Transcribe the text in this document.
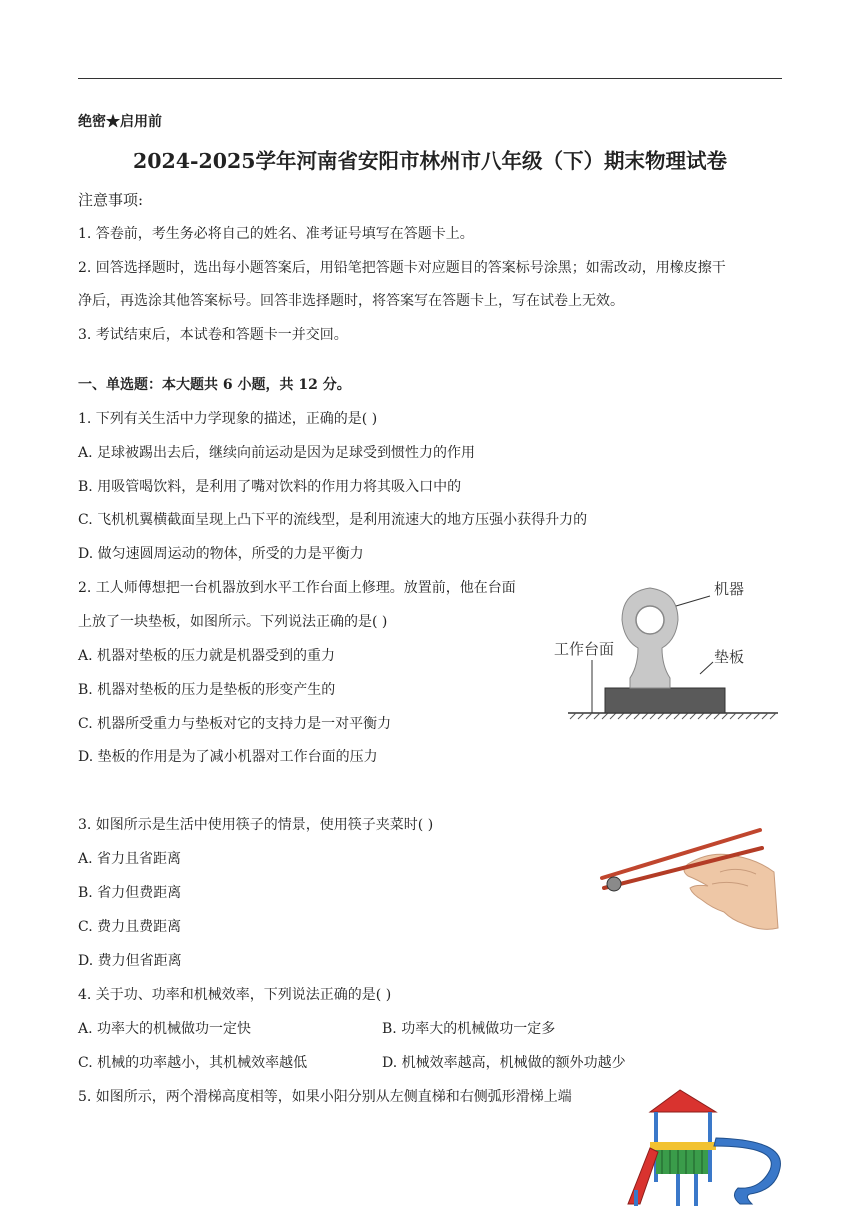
绝密★启用前
2024-2025学年河南省安阳市林州市八年级（下）期末物理试卷
注意事项:
1. 答卷前，考生务必将自己的姓名、准考证号填写在答题卡上。
2. 回答选择题时，选出每小题答案后，用铅笔把答题卡对应题目的答案标号涂黑；如需改动，用橡皮擦干
净后，再选涂其他答案标号。回答非选择题时，将答案写在答题卡上，写在试卷上无效。
3. 考试结束后，本试卷和答题卡一并交回。
一、单选题：本大题共 6 小题，共 12 分。
1. 下列有关生活中力学现象的描述，正确的是( )
A. 足球被踢出去后，继续向前运动是因为足球受到惯性力的作用
B. 用吸管喝饮料，是利用了嘴对饮料的作用力将其吸入口中的
C. 飞机机翼横截面呈现上凸下平的流线型，是利用流速大的地方压强小获得升力的
D. 做匀速圆周运动的物体，所受的力是平衡力
2. 工人师傅想把一台机器放到水平工作台面上修理。放置前，他在台面
上放了一块垫板，如图所示。下列说法正确的是( )
A. 机器对垫板的压力就是机器受到的重力
B. 机器对垫板的压力是垫板的形变产生的
C. 机器所受重力与垫板对它的支持力是一对平衡力
D. 垫板的作用是为了减小机器对工作台面的压力
机器
工作台面	垫板
3. 如图所示是生活中使用筷子的情景，使用筷子夹菜时( )
A. 省力且省距离
B. 省力但费距离
C. 费力且费距离
D. 费力但省距离
4. 关于功、功率和机械效率，下列说法正确的是( )
A. 功率大的机械做功一定快	B. 功率大的机械做功一定多
C. 机械的功率越小，其机械效率越低	D. 机械效率越高，机械做的额外功越少
5. 如图所示，两个滑梯高度相等，如果小阳分别从左侧直梯和右侧弧形滑梯上端
